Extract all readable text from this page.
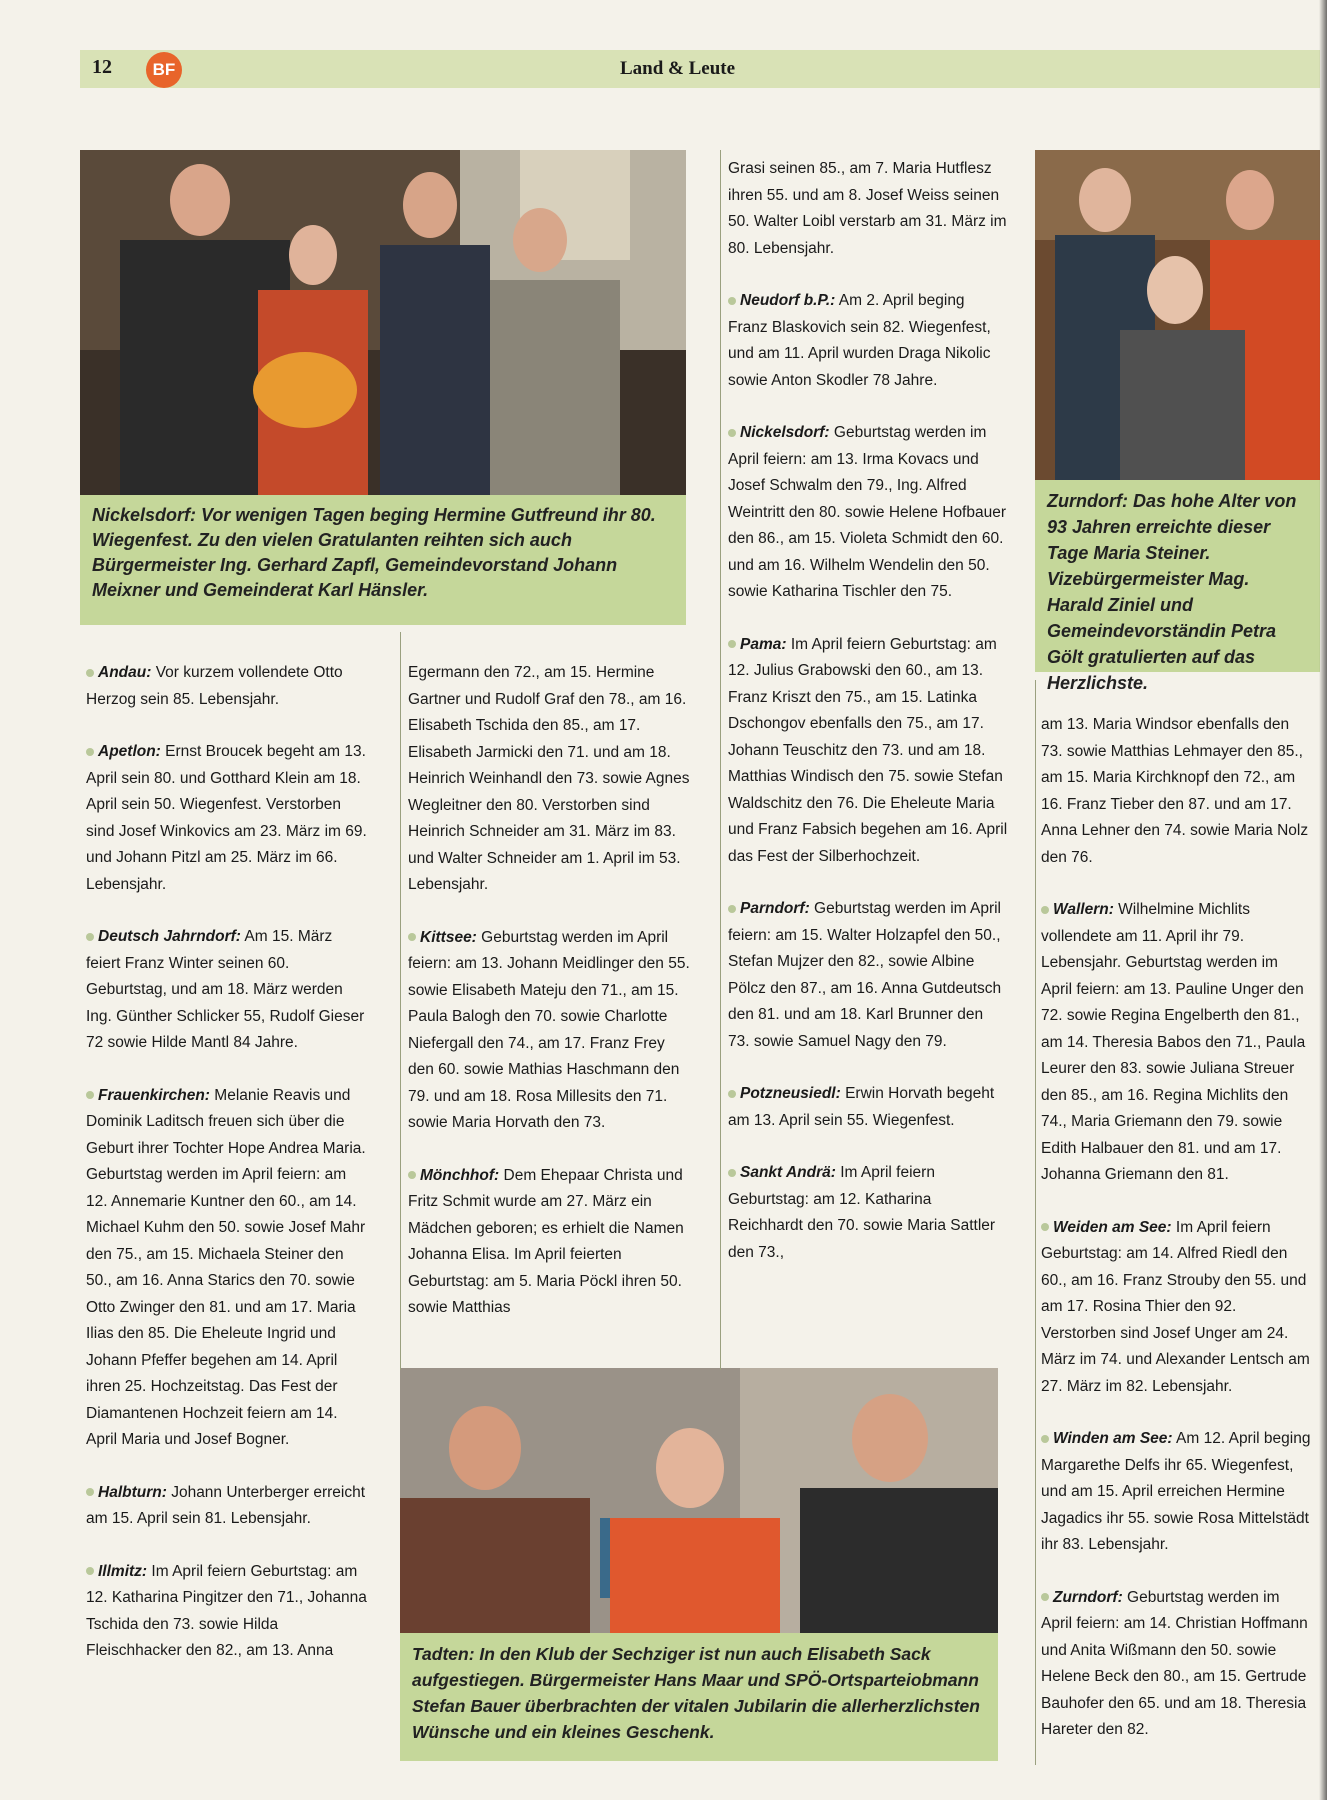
12	BF	Land & Leute
Nickelsdorf: Vor wenigen Tagen beging Hermine Gutfreund ihr 80. Wiegenfest. Zu den vielen Gratulanten reihten sich auch Bürgermeister Ing. Gerhard Zapfl, Gemeindevorstand Johann Meixner und Gemeinderat Karl Hänsler.
Zurndorf: Das hohe Alter von 93 Jahren erreichte dieser Tage Maria Steiner. Vizebürgermeister Mag. Harald Ziniel und Gemeindevorständin Petra Gölt gratulierten auf das Herzlichste.
Tadten: In den Klub der Sechziger ist nun auch Elisabeth Sack aufgestiegen. Bürgermeister Hans Maar und SPÖ-Ortsparteiobmann Stefan Bauer überbrachten der vitalen Jubilarin die allerherzlichsten Wünsche und ein kleines Geschenk.

Andau: Vor kurzem vollendete Otto Herzog sein 85. Lebensjahr.

Apetlon: Ernst Broucek begeht am 13. April sein 80. und Gotthard Klein am 18. April sein 50. Wiegenfest. Verstorben sind Josef Winkovics am 23. März im 69. und Johann Pitzl am 25. März im 66. Lebensjahr.

Deutsch Jahrndorf: Am 15. März feiert Franz Winter seinen 60. Geburtstag, und am 18. März werden Ing. Günther Schlicker 55, Rudolf Gieser 72 sowie Hilde Mantl 84 Jahre.

Frauenkirchen: Melanie Reavis und Dominik Laditsch freuen sich über die Geburt ihrer Tochter Hope Andrea Maria. Geburtstag werden im April feiern: am 12. Annemarie Kuntner den 60., am 14. Michael Kuhm den 50. sowie Josef Mahr den 75., am 15. Michaela Steiner den 50., am 16. Anna Starics den 70. sowie Otto Zwinger den 81. und am 17. Maria Ilias den 85. Die Eheleute Ingrid und Johann Pfeffer begehen am 14. April ihren 25. Hochzeitstag. Das Fest der Diamantenen Hochzeit feiern am 14. April Maria und Josef Bogner.

Halbturn: Johann Unterberger erreicht am 15. April sein 81. Lebensjahr.

Illmitz: Im April feiern Geburtstag: am 12. Katharina Pingitzer den 71., Johanna Tschida den 73. sowie Hilda Fleischhacker den 82., am 13. Anna

Egermann den 72., am 15. Hermine Gartner und Rudolf Graf den 78., am 16. Elisabeth Tschida den 85., am 17. Elisabeth Jarmicki den 71. und am 18. Heinrich Weinhandl den 73. sowie Agnes Wegleitner den 80. Verstorben sind Heinrich Schneider am 31. März im 83. und Walter Schneider am 1. April im 53. Lebensjahr.

Kittsee: Geburtstag werden im April feiern: am 13. Johann Meidlinger den 55. sowie Elisabeth Mateju den 71., am 15. Paula Balogh den 70. sowie Charlotte Niefergall den 74., am 17. Franz Frey den 60. sowie Mathias Haschmann den 79. und am 18. Rosa Millesits den 71. sowie Maria Horvath den 73.

Mönchhof: Dem Ehepaar Christa und Fritz Schmit wurde am 27. März ein Mädchen geboren; es erhielt die Namen Johanna Elisa. Im April feierten Geburtstag: am 5. Maria Pöckl ihren 50. sowie Matthias

Grasi seinen 85., am 7. Maria Hutflesz ihren 55. und am 8. Josef Weiss seinen 50. Walter Loibl verstarb am 31. März im 80. Lebensjahr.

Neudorf b.P.: Am 2. April beging Franz Blaskovich sein 82. Wiegenfest, und am 11. April wurden Draga Nikolic sowie Anton Skodler 78 Jahre.

Nickelsdorf: Geburtstag werden im April feiern: am 13. Irma Kovacs und Josef Schwalm den 79., Ing. Alfred Weintritt den 80. sowie Helene Hofbauer den 86., am 15. Violeta Schmidt den 60. und am 16. Wilhelm Wendelin den 50. sowie Katharina Tischler den 75.

Pama: Im April feiern Geburtstag: am 12. Julius Grabowski den 60., am 13. Franz Kriszt den 75., am 15. Latinka Dschongov ebenfalls den 75., am 17. Johann Teuschitz den 73. und am 18. Matthias Windisch den 75. sowie Stefan Waldschitz den 76. Die Eheleute Maria und Franz Fabsich begehen am 16. April das Fest der Silberhochzeit.

Parndorf: Geburtstag werden im April feiern: am 15. Walter Holzapfel den 50., Stefan Mujzer den 82., sowie Albine Pölcz den 87., am 16. Anna Gutdeutsch den 81. und am 18. Karl Brunner den 73. sowie Samuel Nagy den 79.

Potzneusiedl: Erwin Horvath begeht am 13. April sein 55. Wiegenfest.

Sankt Andrä: Im April feiern Geburtstag: am 12. Katharina Reichhardt den 70. sowie Maria Sattler den 73.,

am 13. Maria Windsor ebenfalls den 73. sowie Matthias Lehmayer den 85., am 15. Maria Kirchknopf den 72., am 16. Franz Tieber den 87. und am 17. Anna Lehner den 74. sowie Maria Nolz den 76.

Wallern: Wilhelmine Michlits vollendete am 11. April ihr 79. Lebensjahr. Geburtstag werden im April feiern: am 13. Pauline Unger den 72. sowie Regina Engelberth den 81., am 14. Theresia Babos den 71., Paula Leurer den 83. sowie Juliana Streuer den 85., am 16. Regina Michlits den 74., Maria Griemann den 79. sowie Edith Halbauer den 81. und am 17. Johanna Griemann den 81.

Weiden am See: Im April feiern Geburtstag: am 14. Alfred Riedl den 60., am 16. Franz Strouby den 55. und am 17. Rosina Thier den 92. Verstorben sind Josef Unger am 24. März im 74. und Alexander Lentsch am 27. März im 82. Lebensjahr.

Winden am See: Am 12. April beging Margarethe Delfs ihr 65. Wiegenfest, und am 15. April erreichen Hermine Jagadics ihr 55. sowie Rosa Mittelstädt ihr 83. Lebensjahr.

Zurndorf: Geburtstag werden im April feiern: am 14. Christian Hoffmann und Anita Wißmann den 50. sowie Helene Beck den 80., am 15. Gertrude Bauhofer den 65. und am 18. Theresia Hareter den 82.
